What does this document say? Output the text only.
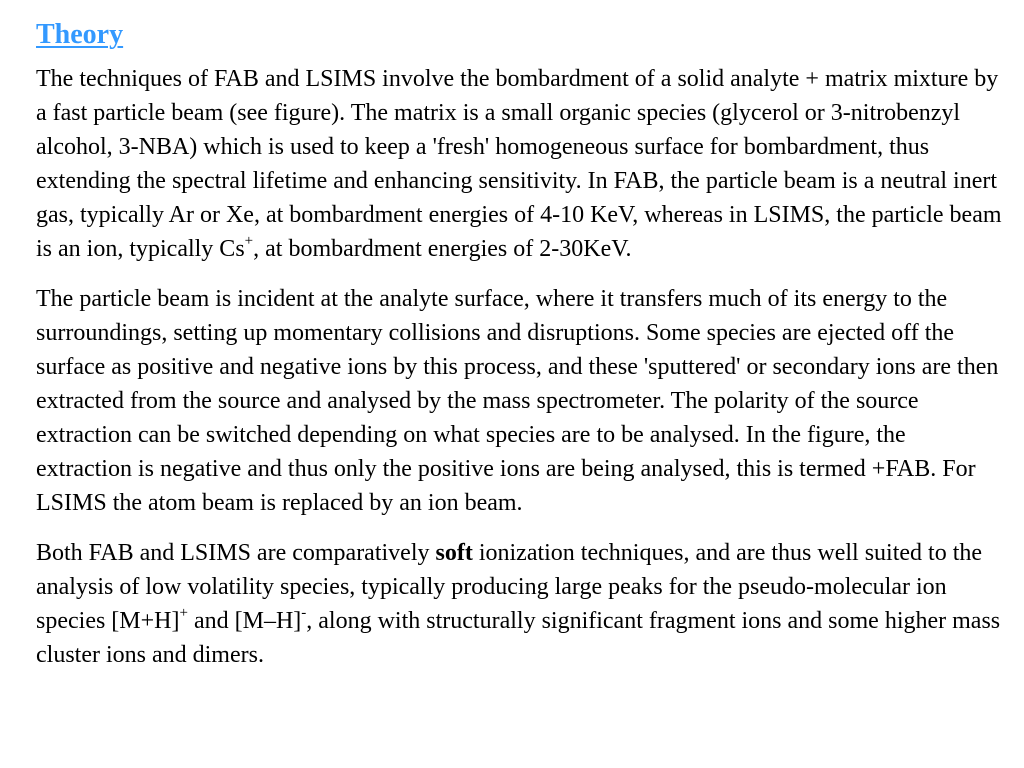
Theory

The techniques of FAB and LSIMS involve the bombardment of a solid analyte + matrix mixture by a fast particle beam (see figure). The matrix is a small organic species (glycerol or 3-nitrobenzyl alcohol, 3-NBA) which is used to keep a 'fresh' homogeneous surface for bombardment, thus extending the spectral lifetime and enhancing sensitivity. In FAB, the particle beam is a neutral inert gas, typically Ar or Xe, at bombardment energies of 4-10 KeV, whereas in LSIMS, the particle beam is an ion, typically Cs+, at bombardment energies of 2-30KeV.

The particle beam is incident at the analyte surface, where it transfers much of its energy to the surroundings, setting up momentary collisions and disruptions. Some species are ejected off the surface as positive and negative ions by this process, and these 'sputtered' or secondary ions are then extracted from the source and analysed by the mass spectrometer. The polarity of the source extraction can be switched depending on what species are to be analysed. In the figure, the extraction is negative and thus only the positive ions are being analysed, this is termed +FAB. For LSIMS the atom beam is replaced by an ion beam.

Both FAB and LSIMS are comparatively soft ionization techniques, and are thus well suited to the analysis of low volatility species, typically producing large peaks for the pseudo-molecular ion species [M+H]+ and [M–H]-, along with structurally significant fragment ions and some higher mass cluster ions and dimers.
